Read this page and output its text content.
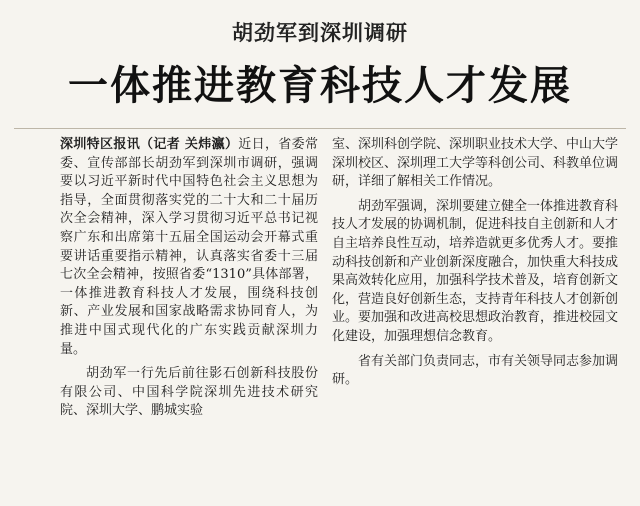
胡劲军到深圳调研
一体推进教育科技人才发展

深圳特区报讯（记者 关炜瀛）近日，省委常委、宣传部部长胡劲军到深圳市调研，强调要以习近平新时代中国特色社会主义思想为指导，全面贯彻落实党的二十大和二十届历次全会精神，深入学习贯彻习近平总书记视察广东和出席第十五届全国运动会开幕式重要讲话重要指示精神，认真落实省委十三届七次全会精神，按照省委“1310”具体部署，一体推进教育科技人才发展，围绕科技创新、产业发展和国家战略需求协同育人，为推进中国式现代化的广东实践贡献深圳力量。

胡劲军一行先后前往影石创新科技股份有限公司、中国科学院深圳先进技术研究院、深圳大学、鹏城实验

室、深圳科创学院、深圳职业技术大学、中山大学深圳校区、深圳理工大学等科创公司、科教单位调研，详细了解相关工作情况。

胡劲军强调，深圳要建立健全一体推进教育科技人才发展的协调机制，促进科技自主创新和人才自主培养良性互动，培养造就更多优秀人才。要推动科技创新和产业创新深度融合，加快重大科技成果高效转化应用，加强科学技术普及，培育创新文化，营造良好创新生态，支持青年科技人才创新创业。要加强和改进高校思想政治教育，推进校园文化建设，加强理想信念教育。

省有关部门负责同志，市有关领导同志参加调研。
